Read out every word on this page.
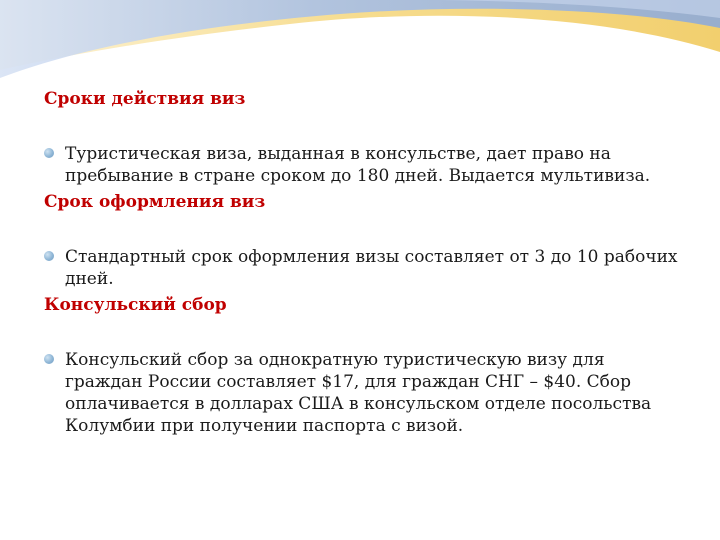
Сроки действия виз

Туристическая виза, выданная в консульстве, дает право на пребывание в стране сроком до 180 дней. Выдается мультивиза.

Срок оформления виз

Стандартный срок оформления визы составляет от 3 до 10 рабочих дней.

Консульский сбор

Консульский сбор за однократную туристическую визу для граждан России составляет $17, для граждан СНГ – $40. Сбор оплачивается в долларах США в консульском отделе посольства Колумбии при получении паспорта с визой.
